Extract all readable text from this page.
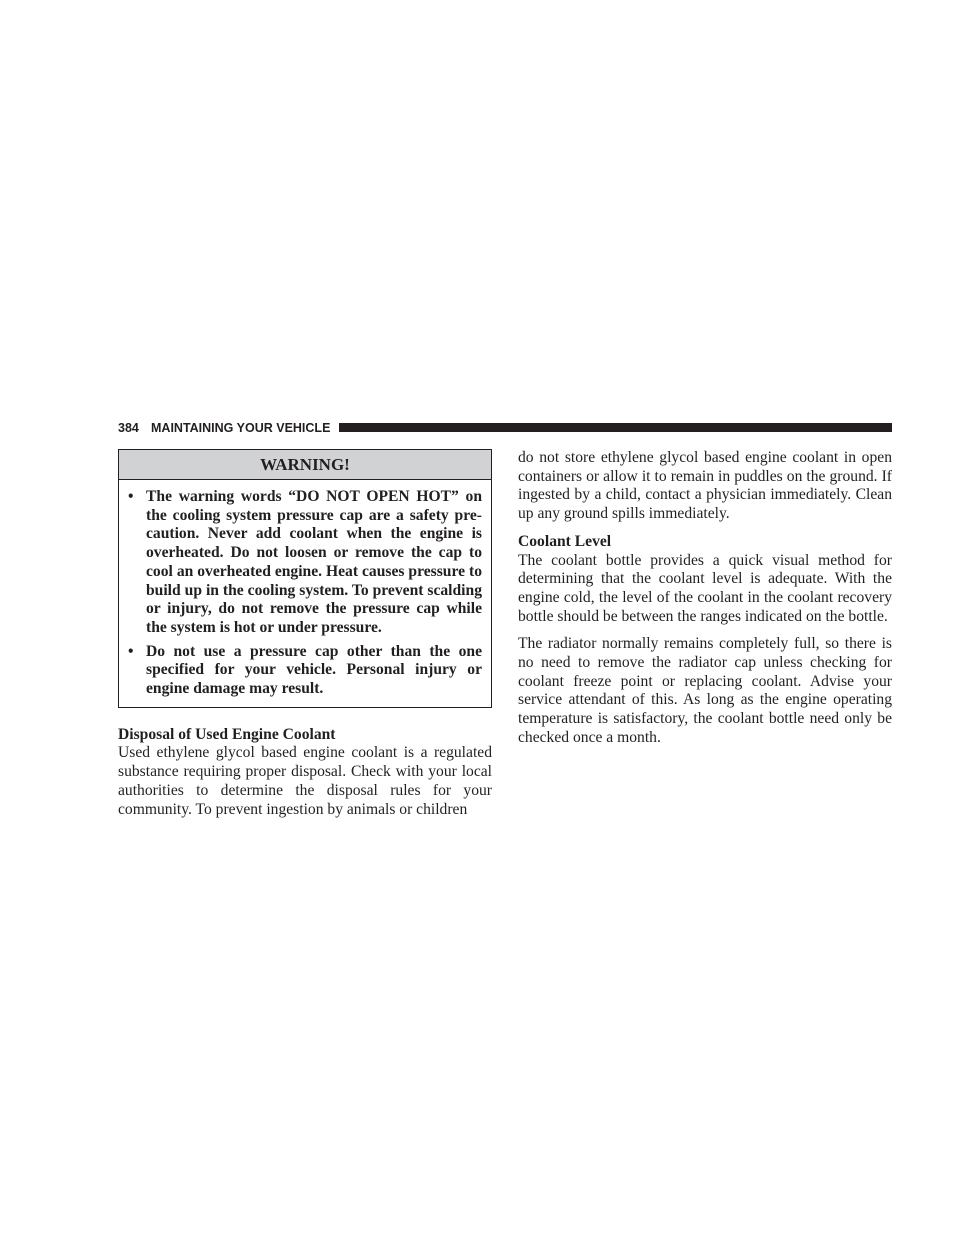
384 MAINTAINING YOUR VEHICLE
WARNING!
• The warning words “DO NOT OPEN HOT” on the cooling system pressure cap are a safety precaution. Never add coolant when the engine is overheated. Do not loosen or remove the cap to cool an overheated engine. Heat causes pressure to build up in the cooling system. To prevent scalding or injury, do not remove the pressure cap while the system is hot or under pressure.
• Do not use a pressure cap other than the one specified for your vehicle. Personal injury or engine damage may result.
Disposal of Used Engine Coolant

Used ethylene glycol based engine coolant is a regulated substance requiring proper disposal. Check with your local authorities to determine the disposal rules for your community. To prevent ingestion by animals or children

do not store ethylene glycol based engine coolant in open containers or allow it to remain in puddles on the ground. If ingested by a child, contact a physician immediately. Clean up any ground spills immediately.

Coolant Level

The coolant bottle provides a quick visual method for determining that the coolant level is adequate. With the engine cold, the level of the coolant in the coolant recovery bottle should be between the ranges indicated on the bottle.

The radiator normally remains completely full, so there is no need to remove the radiator cap unless checking for coolant freeze point or replacing coolant. Advise your service attendant of this. As long as the engine operating temperature is satisfactory, the coolant bottle need only be checked once a month.
